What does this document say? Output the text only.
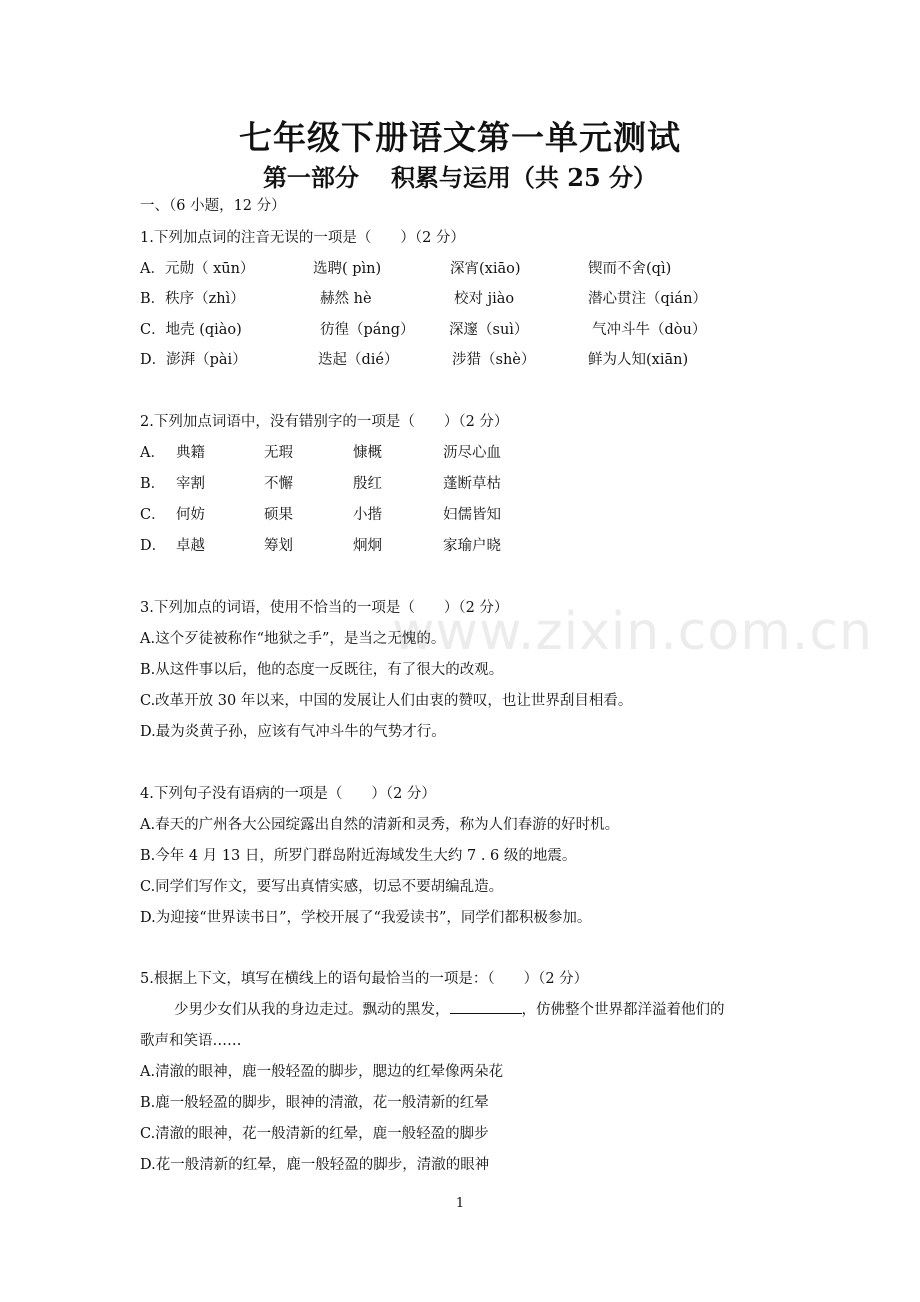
www.zixin.com.cn
七年级下册语文第一单元测试
第一部分 积累与运用（共 25 分）
一、（6 小题，12 分）
1.下列加点词的注音无误的一项是（　　）（2 分）
A．元勋（ xūn）	选聘( pìn)	深宵(xiāo)	锲而不舍(qì)
B．秩序（zhì）	赫然 hè	校对 jiào	潜心贯注（qián）
C．地壳 (qiào)	彷徨（páng） 深邃（suì）	气冲斗牛（dòu）
D．澎湃（pài）	迭起（dié）	涉猎（shè）	鲜为人知(xiān)
2.下列加点词语中，没有错别字的一项是（　　）（2 分）
A． 典籍	无瑕	慷概	沥尽心血
B． 宰割	不懈	殷红	蓬断草枯
C． 何妨	硕果	小揩	妇儒皆知
D． 卓越	筹划	炯炯	家瑜户晓
3.下列加点的词语，使用不恰当的一项是（　　）（2 分）
A.这个歹徒被称作“地狱之手”，是当之无愧的。
B.从这件事以后，他的态度一反既往，有了很大的改观。
C.改革开放 30 年以来，中国的发展让人们由衷的赞叹，也让世界刮目相看。
D.最为炎黄子孙，应该有气冲斗牛的气势才行。
4.下列句子没有语病的一项是（　　）（2 分）
A.春天的广州各大公园绽露出自然的清新和灵秀，称为人们春游的好时机。
B.今年 4 月 13 日，所罗门群岛附近海域发生大约 7 . 6 级的地震。
C.同学们写作文，要写出真情实感，切忌不要胡编乱造。
D.为迎接“世界读书日”，学校开展了“我爱读书”，同学们都积极参加。
5.根据上下文，填写在横线上的语句最恰当的一项是：（　　）（2 分）
少男少女们从我的身边走过。飘动的黑发，	，仿佛整个世界都洋溢着他们的
歌声和笑语……
A.清澈的眼神，鹿一般轻盈的脚步，腮边的红晕像两朵花
B.鹿一般轻盈的脚步，眼神的清澈，花一般清新的红晕
C.清澈的眼神，花一般清新的红晕，鹿一般轻盈的脚步
D.花一般清新的红晕，鹿一般轻盈的脚步，清澈的眼神
1
